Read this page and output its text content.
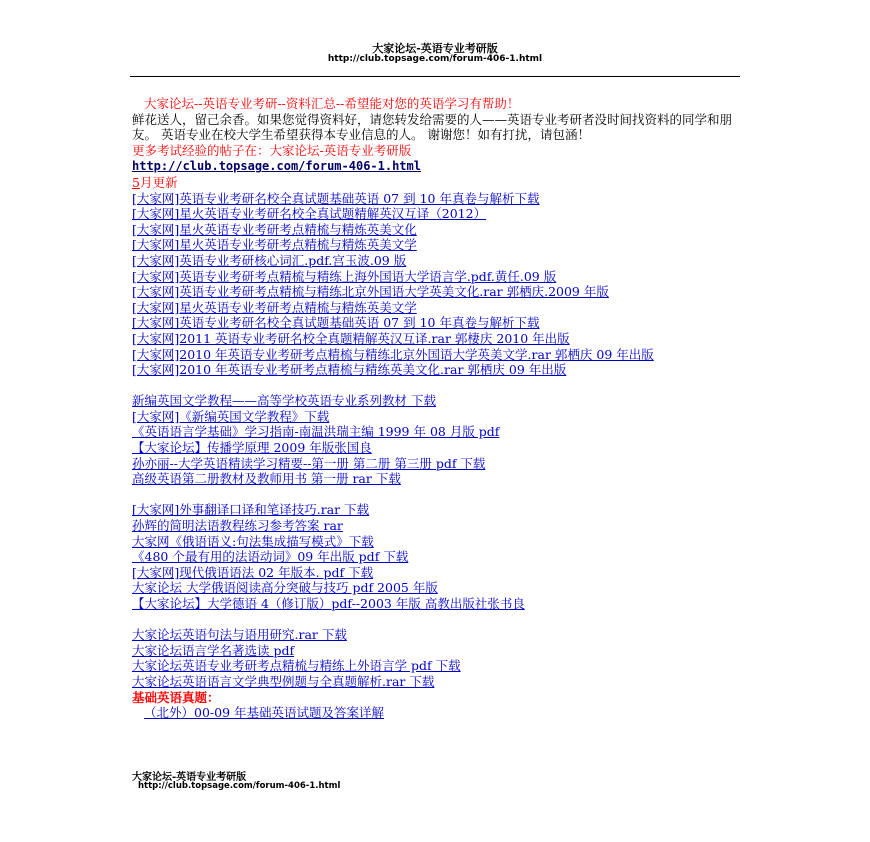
大家论坛-英语专业考研版
http://club.topsage.com/forum-406-1.html
大家论坛--英语专业考研--资料汇总--希望能对您的英语学习有帮助！
鲜花送人，留己余香。如果您觉得资料好，请您转发给需要的人——英语专业考研者没时间找资料的同学和朋友。 英语专业在校大学生希望获得本专业信息的人。 谢谢您！如有打扰，请包涵！
更多考试经验的帖子在：大家论坛-英语专业考研版
http://club.topsage.com/forum-406-1.html
5月更新
[大家网]英语专业考研名校全真试题基础英语 07 到 10 年真卷与解析下载
[大家网]星火英语专业考研名校全真试题精解英汉互译（2012）
[大家网]星火英语专业考研考点精梳与精炼英美文化
[大家网]星火英语专业考研考点精梳与精炼英美文学
[大家网]英语专业考研核心词汇.pdf.宫玉波.09 版
[大家网]英语专业考研考点精梳与精练上海外国语大学语言学.pdf.黄任.09 版
[大家网]英语专业考研考点精梳与精练北京外国语大学英美文化.rar 郭栖庆.2009 年版
[大家网]星火英语专业考研考点精梳与精炼英美文学
[大家网]英语专业考研名校全真试题基础英语 07 到 10 年真卷与解析下载
[大家网]2011 英语专业考研名校全真题精解英汉互译.rar 郭棲庆 2010 年出版
[大家网]2010 年英语专业考研考点精梳与精练北京外国语大学英美文学.rar 郭栖庆 09 年出版
[大家网]2010 年英语专业考研考点精梳与精练英美文化.rar 郭栖庆 09 年出版
新编英国文学教程——高等学校英语专业系列教材 下载
[大家网]《新编英国文学教程》下载
《英语语言学基础》学习指南-南温洪瑞主编 1999 年 08 月版 pdf
【大家论坛】传播学原理 2009 年版张国良
孙亦丽--大学英语精读学习精要--第一册 第二册 第三册 pdf 下载
高级英语第二册教材及教师用书 第一册 rar 下载
[大家网]外事翻译口译和笔译技巧.rar 下载
孙辉的简明法语教程练习参考答案 rar
大家网《俄语语义:句法集成描写模式》下载
《480 个最有用的法语动词》09 年出版 pdf 下载
[大家网]现代俄语语法 02 年版本. pdf 下载
大家论坛 大学俄语阅读高分突破与技巧 pdf 2005 年版
【大家论坛】大学德语 4（修订版）pdf--2003 年版 高教出版社张书良
大家论坛英语句法与语用研究.rar 下载
大家论坛语言学名著选读 pdf
大家论坛英语专业考研考点精梳与精练上外语言学 pdf 下载
大家论坛英语语言文学典型例题与全真题解析.rar 下载
基础英语真题：
（北外）00-09 年基础英语试题及答案详解
大家论坛-英语专业考研版
http://club.topsage.com/forum-406-1.html
